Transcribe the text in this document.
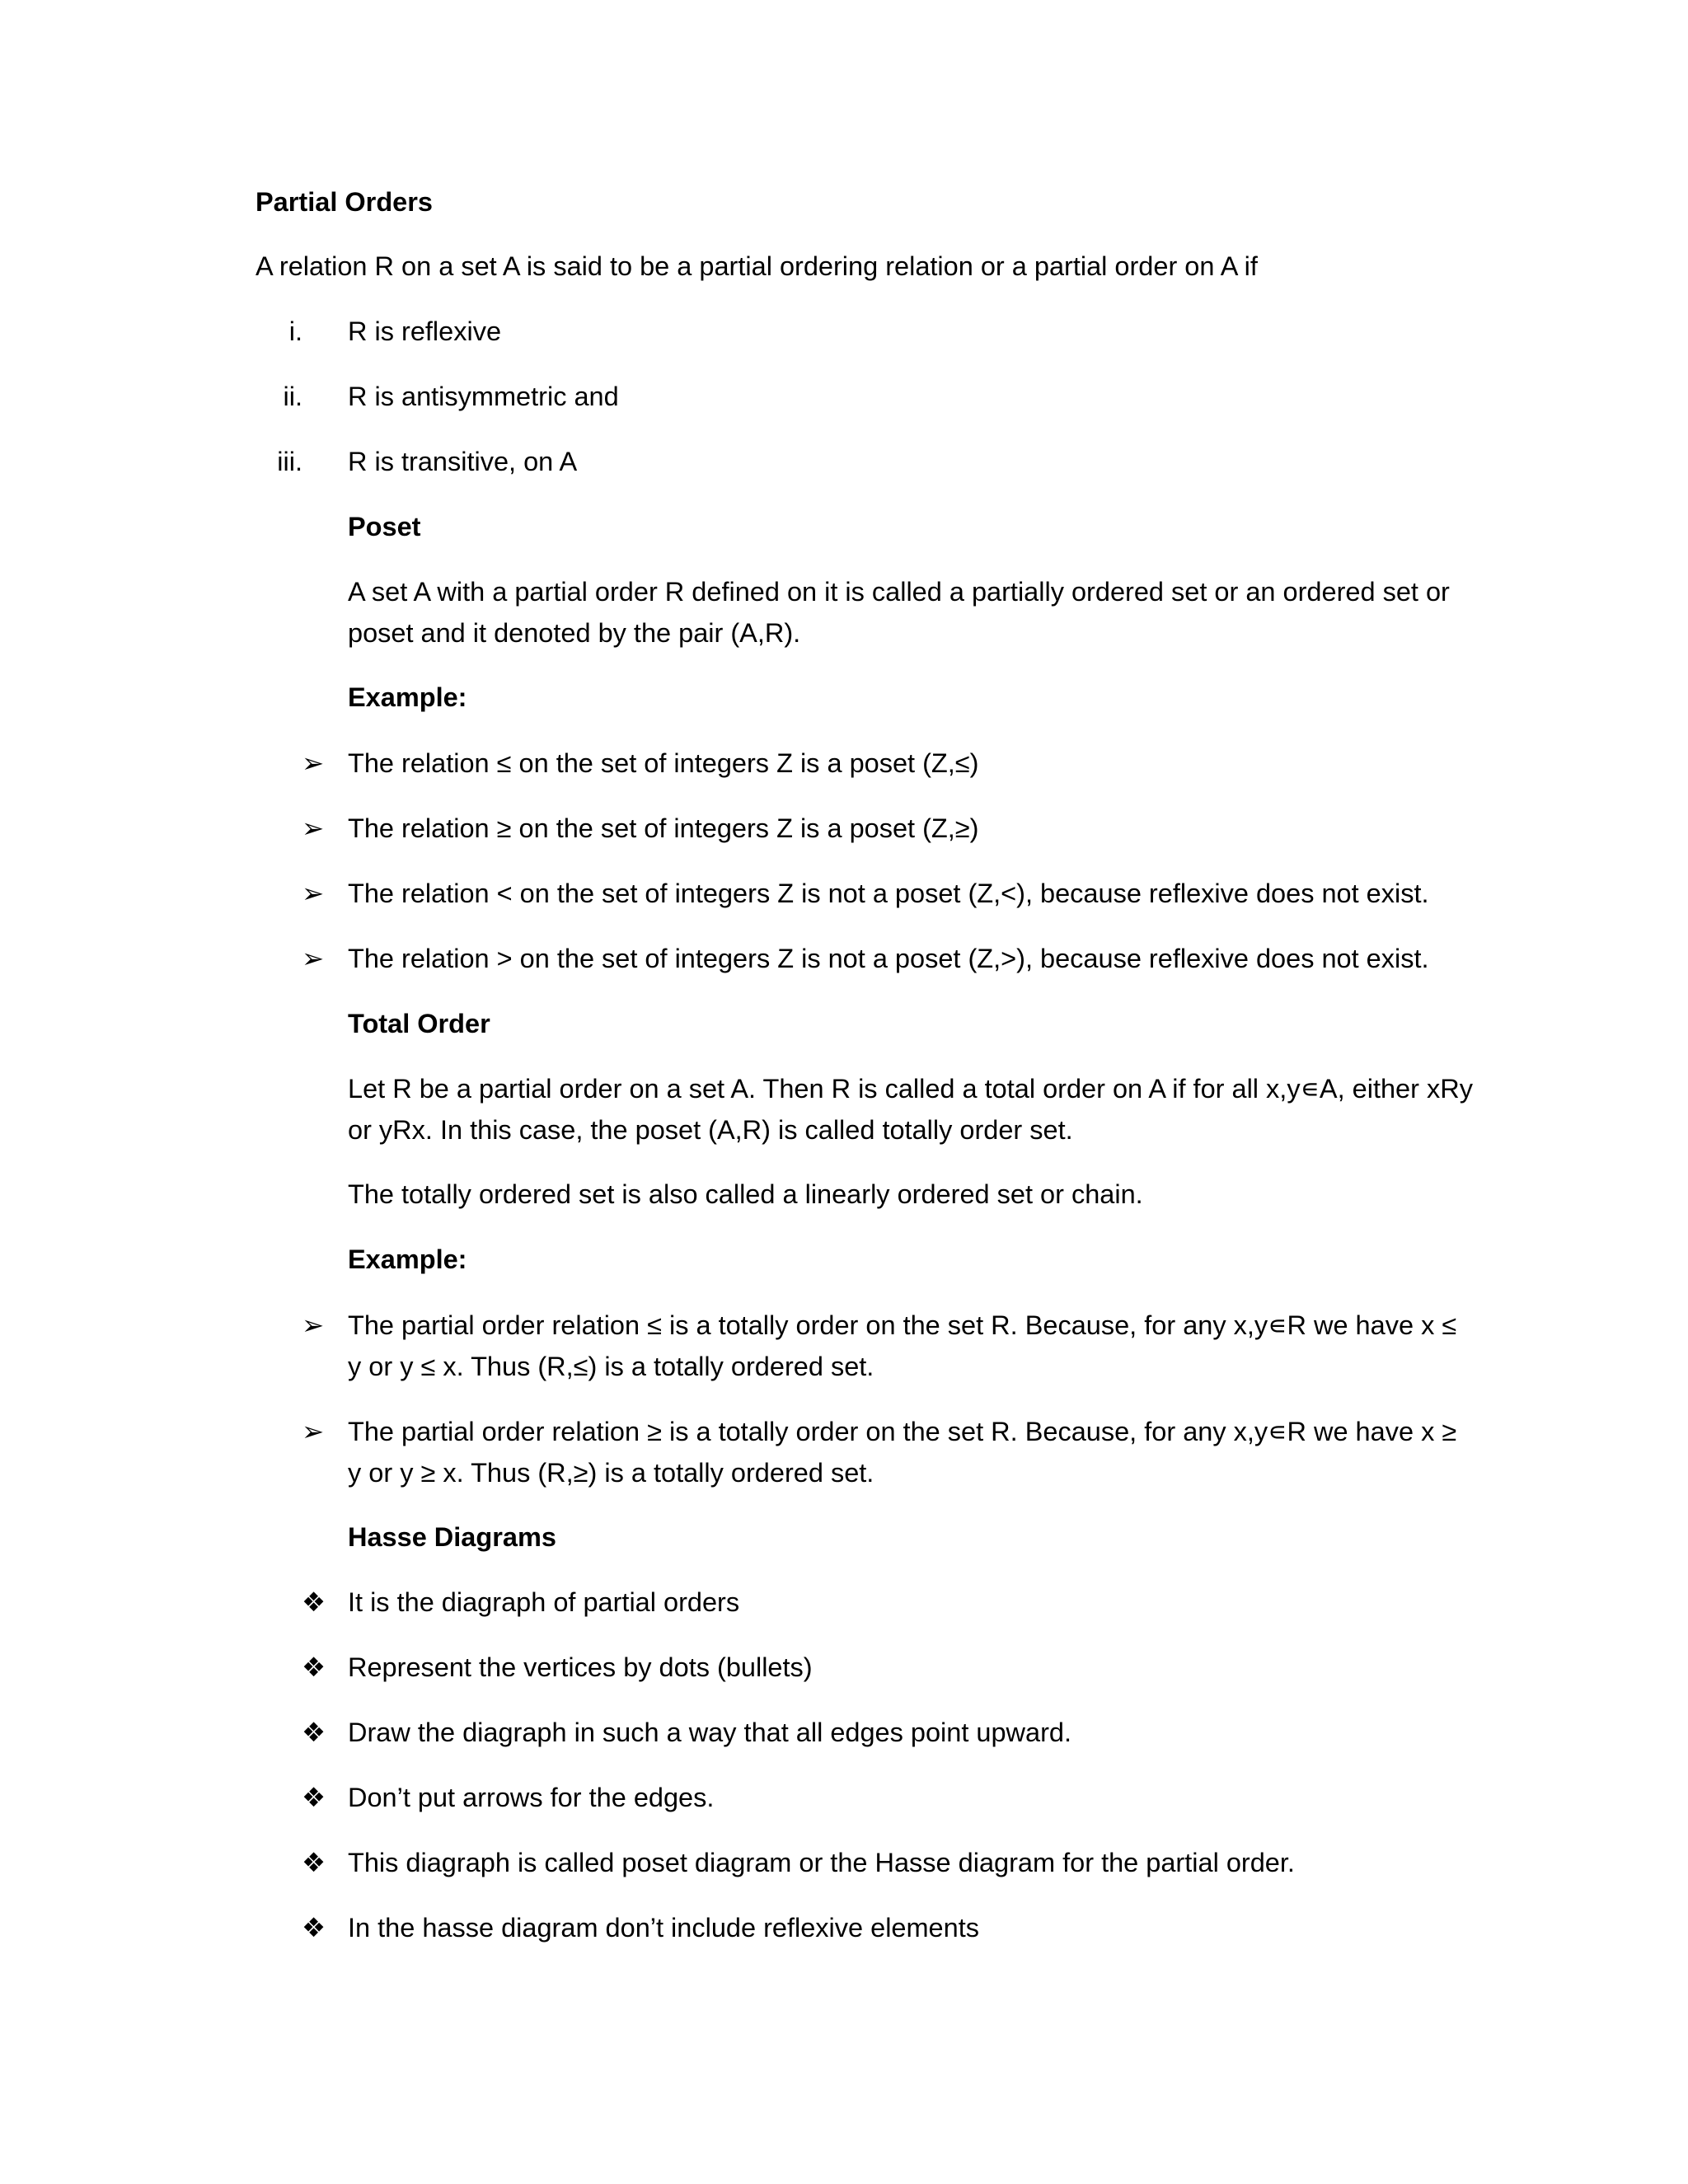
Partial Orders
A relation R on a set A is said to be a partial ordering relation or a partial order on A if
i. R is reflexive
ii. R is antisymmetric and
iii. R is transitive, on A
Poset
A set A with a partial order R defined on it is called a partially ordered set or an ordered set or poset and it denoted by the pair (A,R).
Example:
➢ The relation ≤ on the set of integers Z is a poset (Z,≤)
➢ The relation ≥ on the set of integers Z is a poset (Z,≥)
➢ The relation < on the set of integers Z is not a poset (Z,<), because reflexive does not exist.
➢ The relation > on the set of integers Z is not a poset (Z,>), because reflexive does not exist.
Total Order
Let R be a partial order on a set A. Then R is called a total order on A if for all x,y∊A, either xRy or yRx. In this case, the poset (A,R) is called totally order set.
The totally ordered set is also called a linearly ordered set or chain.
Example:
➢ The partial order relation ≤ is a totally order on the set R. Because, for any x,y∊R we have x ≤ y or y ≤ x. Thus (R,≤) is a totally ordered set.
➢ The partial order relation ≥ is a totally order on the set R. Because, for any x,y∊R we have x ≥ y or y ≥ x. Thus (R,≥) is a totally ordered set.
Hasse Diagrams
❖ It is the diagraph of partial orders
❖ Represent the vertices by dots (bullets)
❖ Draw the diagraph in such a way that all edges point upward.
❖ Don’t put arrows for the edges.
❖ This diagraph is called poset diagram or the Hasse diagram for the partial order.
❖ In the hasse diagram don’t include reflexive elements
